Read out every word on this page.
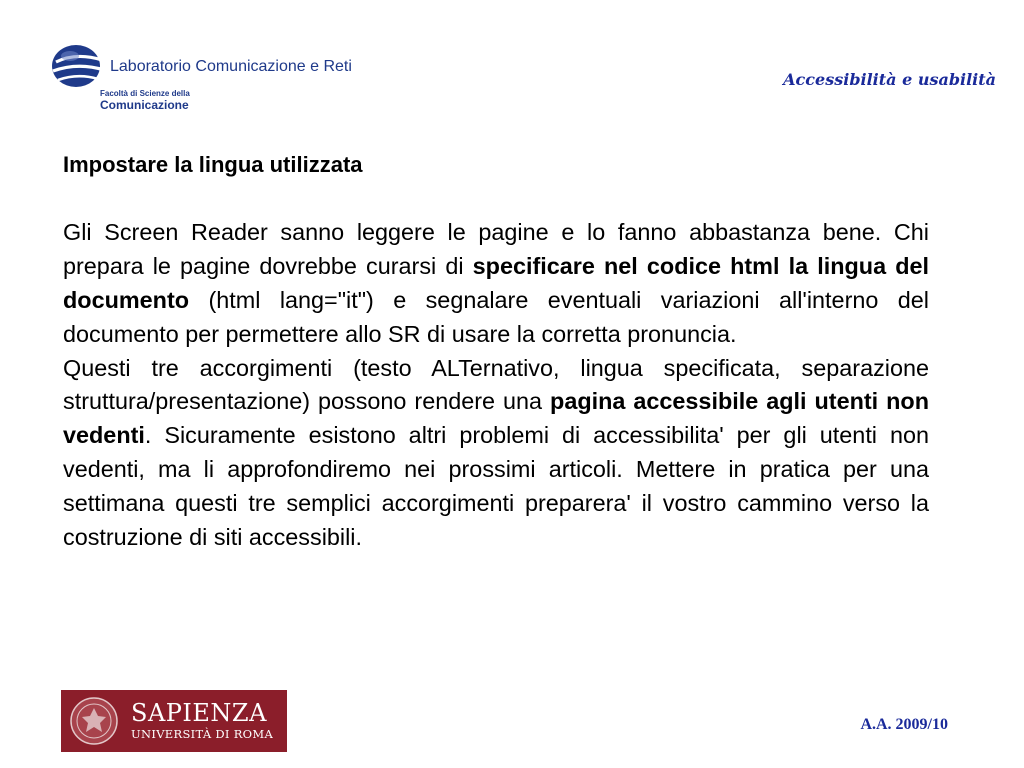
Laboratorio Comunicazione e Reti
Facoltà di Scienze della
Comunicazione
Accessibilità e usabilità
Impostare la lingua utilizzata

Gli Screen Reader sanno leggere le pagine e lo fanno abbastanza bene. Chi prepara le pagine dovrebbe curarsi di specificare nel codice html la lingua del documento (html lang="it") e segnalare eventuali variazioni all'interno del documento per permettere allo SR di usare la corretta pronuncia.

Questi tre accorgimenti (testo ALTernativo, lingua specificata, separazione struttura/presentazione) possono rendere una pagina accessibile agli utenti non vedenti. Sicuramente esistono altri problemi di accessibilita' per gli utenti non vedenti, ma li approfondiremo nei prossimi articoli. Mettere in pratica per una settimana questi tre semplici accorgimenti preparera' il vostro cammino verso la costruzione di siti accessibili.

SAPIENZA
UNIVERSITÀ DI ROMA
A.A. 2009/10
